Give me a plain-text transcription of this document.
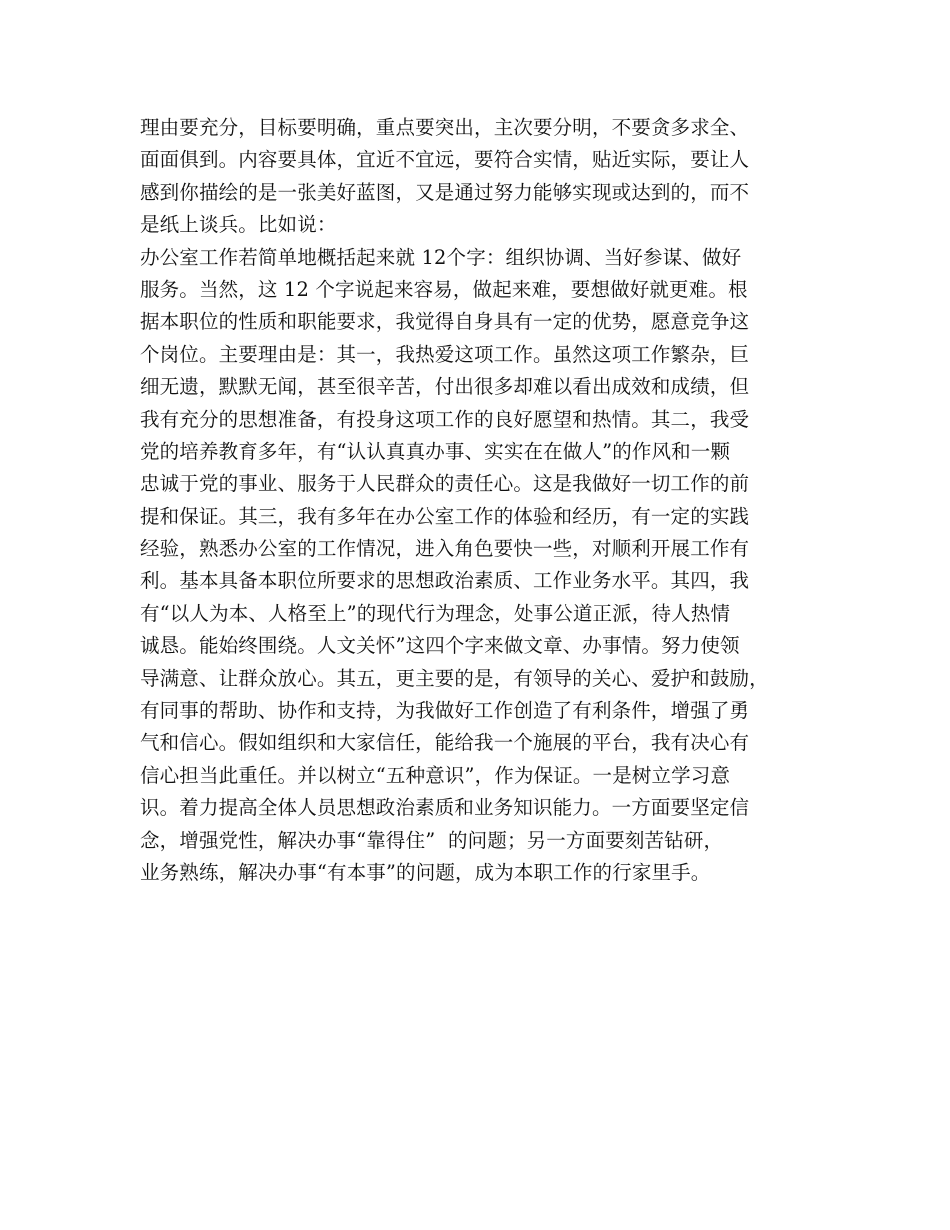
理由要充分，目标要明确，重点要突出，主次要分明，不要贪多求全、
面面俱到。内容要具体，宜近不宜远，要符合实情，贴近实际，要让人
感到你描绘的是一张美好蓝图，又是通过努力能够实现或达到的，而不
是纸上谈兵。比如说：
办公室工作若简单地概括起来就 12个字：组织协调、当好参谋、做好
服务。当然，这 12 个字说起来容易，做起来难，要想做好就更难。根
据本职位的性质和职能要求，我觉得自身具有一定的优势，愿意竞争这
个岗位。主要理由是：其一，我热爱这项工作。虽然这项工作繁杂，巨
细无遗，默默无闻，甚至很辛苦，付出很多却难以看出成效和成绩，但
我有充分的思想准备，有投身这项工作的良好愿望和热情。其二，我受
党的培养教育多年，有“认认真真办事、实实在在做人”的作风和一颗
忠诚于党的事业、服务于人民群众的责任心。这是我做好一切工作的前
提和保证。其三，我有多年在办公室工作的体验和经历，有一定的实践
经验，熟悉办公室的工作情况，进入角色要快一些，对顺利开展工作有
利。基本具备本职位所要求的思想政治素质、工作业务水平。其四，我
有“以人为本、人格至上”的现代行为理念，处事公道正派，待人热情
诚恳。能始终围绕。人文关怀”这四个字来做文章、办事情。努力使领
导满意、让群众放心。其五，更主要的是，有领导的关心、爱护和鼓励，
有同事的帮助、协作和支持，为我做好工作创造了有利条件，增强了勇
气和信心。假如组织和大家信任，能给我一个施展的平台，我有决心有
信心担当此重任。并以树立“五种意识”，作为保证。一是树立学习意
识。着力提高全体人员思想政治素质和业务知识能力。一方面要坚定信
念，增强党性，解决办事“靠得住”  的问题；另一方面要刻苦钻研，
业务熟练，解决办事“有本事”的问题，成为本职工作的行家里手。
